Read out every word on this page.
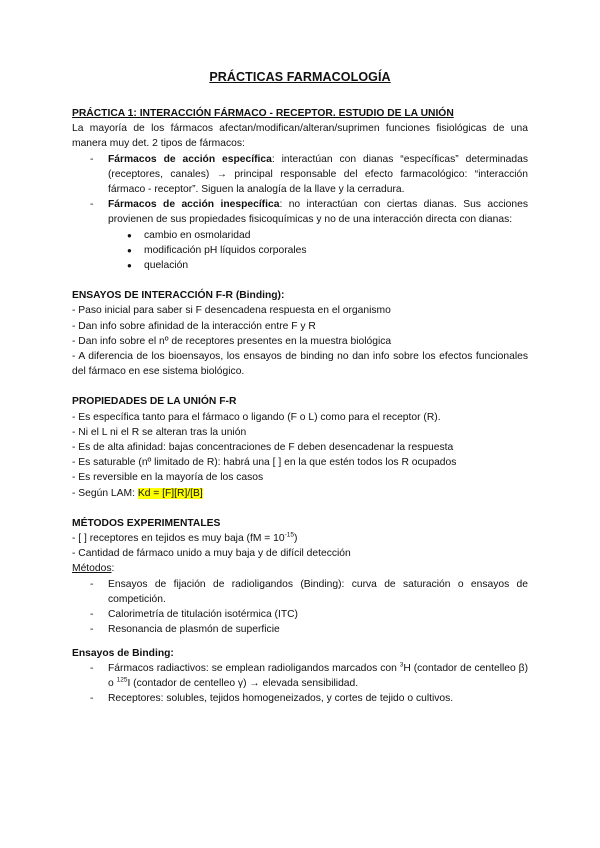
PRÁCTICAS FARMACOLOGÍA

PRÁCTICA 1: INTERACCIÓN FÁRMACO - RECEPTOR. ESTUDIO DE LA UNIÓN

La mayoría de los fármacos afectan/modifican/alteran/suprimen funciones fisiológicas de una manera muy det. 2 tipos de fármacos:

- Fármacos de acción específica: interactúan con dianas “específicas” determinadas (receptores, canales) → principal responsable del efecto farmacológico: “interacción fármaco - receptor”. Siguen la analogía de la llave y la cerradura.
- Fármacos de acción inespecífica: no interactúan con ciertas dianas. Sus acciones provienen de sus propiedades fisicoquímicas y no de una interacción directa con dianas:
● cambio en osmolaridad
● modificación pH líquidos corporales
● quelación

ENSAYOS DE INTERACCIÓN F-R (Binding):

- Paso inicial para saber si F desencadena respuesta en el organismo

- Dan info sobre afinidad de la interacción entre F y R

- Dan info sobre el nº de receptores presentes en la muestra biológica

- A diferencia de los bioensayos, los ensayos de binding no dan info sobre los efectos funcionales del fármaco en ese sistema biológico.

PROPIEDADES DE LA UNIÓN F-R

- Es específica tanto para el fármaco o ligando (F o L) como para el receptor (R).

- Ni el L ni el R se alteran tras la unión

- Es de alta afinidad: bajas concentraciones de F deben desencadenar la respuesta

- Es saturable (nº limitado de R): habrá una [ ] en la que estén todos los R ocupados

- Es reversible en la mayoría de los casos

- Según LAM: Kd = [F][R]/[B]

MÉTODOS EXPERIMENTALES

- [ ] receptores en tejidos es muy baja $(fM = 10^{-15})$

- Cantidad de fármaco unido a muy baja y de difícil detección

Métodos:

- Ensayos de fijación de radioligandos (Binding): curva de saturación o ensayos de competición.
- Calorimetría de titulación isotérmica (ITC)
- Resonancia de plasmón de superficie

Ensayos de Binding:

- Fármacos radiactivos: se emplean radioligandos marcados con $^3$H (contador de centelleo β) o $^{125}$I (contador de centelleo γ) → elevada sensibilidad.
- Receptores: solubles, tejidos homogeneizados, y cortes de tejido o cultivos.
